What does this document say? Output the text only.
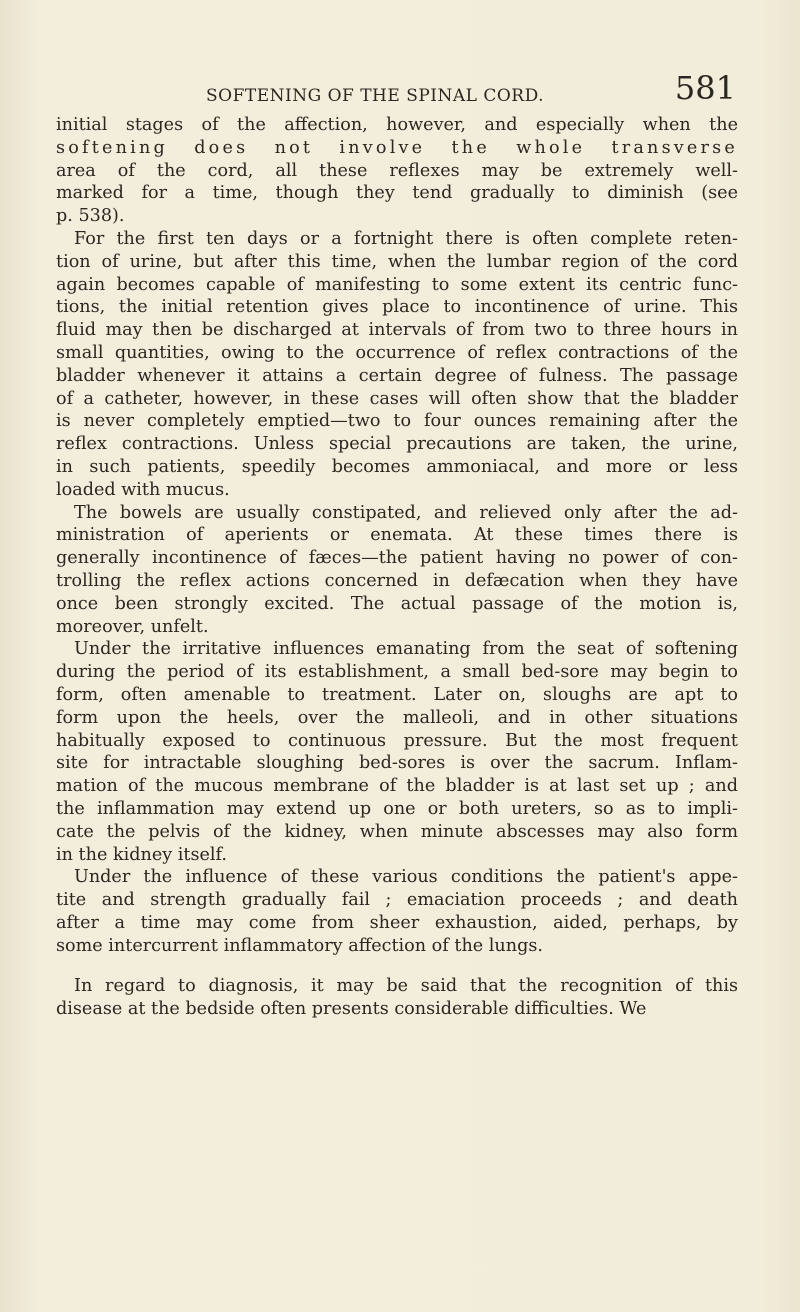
SOFTENING OF THE SPINAL CORD.	581
initial stages of the affection, however, and especially when the
softening does not involve the whole transverse
area of the cord, all these reflexes may be extremely well-
marked for a time, though they tend gradually to diminish (see
p. 538).
For the first ten days or a fortnight there is often complete reten-
tion of urine, but after this time, when the lumbar region of the cord
again becomes capable of manifesting to some extent its centric func-
tions, the initial retention gives place to incontinence of urine. This
fluid may then be discharged at intervals of from two to three hours in
small quantities, owing to the occurrence of reflex contractions of the
bladder whenever it attains a certain degree of fulness. The passage
of a catheter, however, in these cases will often show that the bladder
is never completely emptied—two to four ounces remaining after the
reflex contractions. Unless special precautions are taken, the urine,
in such patients, speedily becomes ammoniacal, and more or less
loaded with mucus.
The bowels are usually constipated, and relieved only after the ad-
ministration of aperients or enemata. At these times there is
generally incontinence of fæces—the patient having no power of con-
trolling the reflex actions concerned in defæcation when they have
once been strongly excited. The actual passage of the motion is,
moreover, unfelt.
Under the irritative influences emanating from the seat of softening
during the period of its establishment, a small bed-sore may begin to
form, often amenable to treatment. Later on, sloughs are apt to
form upon the heels, over the malleoli, and in other situations
habitually exposed to continuous pressure. But the most frequent
site for intractable sloughing bed-sores is over the sacrum. Inflam-
mation of the mucous membrane of the bladder is at last set up ; and
the inflammation may extend up one or both ureters, so as to impli-
cate the pelvis of the kidney, when minute abscesses may also form
in the kidney itself.
Under the influence of these various conditions the patient's appe-
tite and strength gradually fail ; emaciation proceeds ; and death
after a time may come from sheer exhaustion, aided, perhaps, by
some intercurrent inflammatory affection of the lungs.
In regard to diagnosis, it may be said that the recognition of this
disease at the bedside often presents considerable difficulties. We
